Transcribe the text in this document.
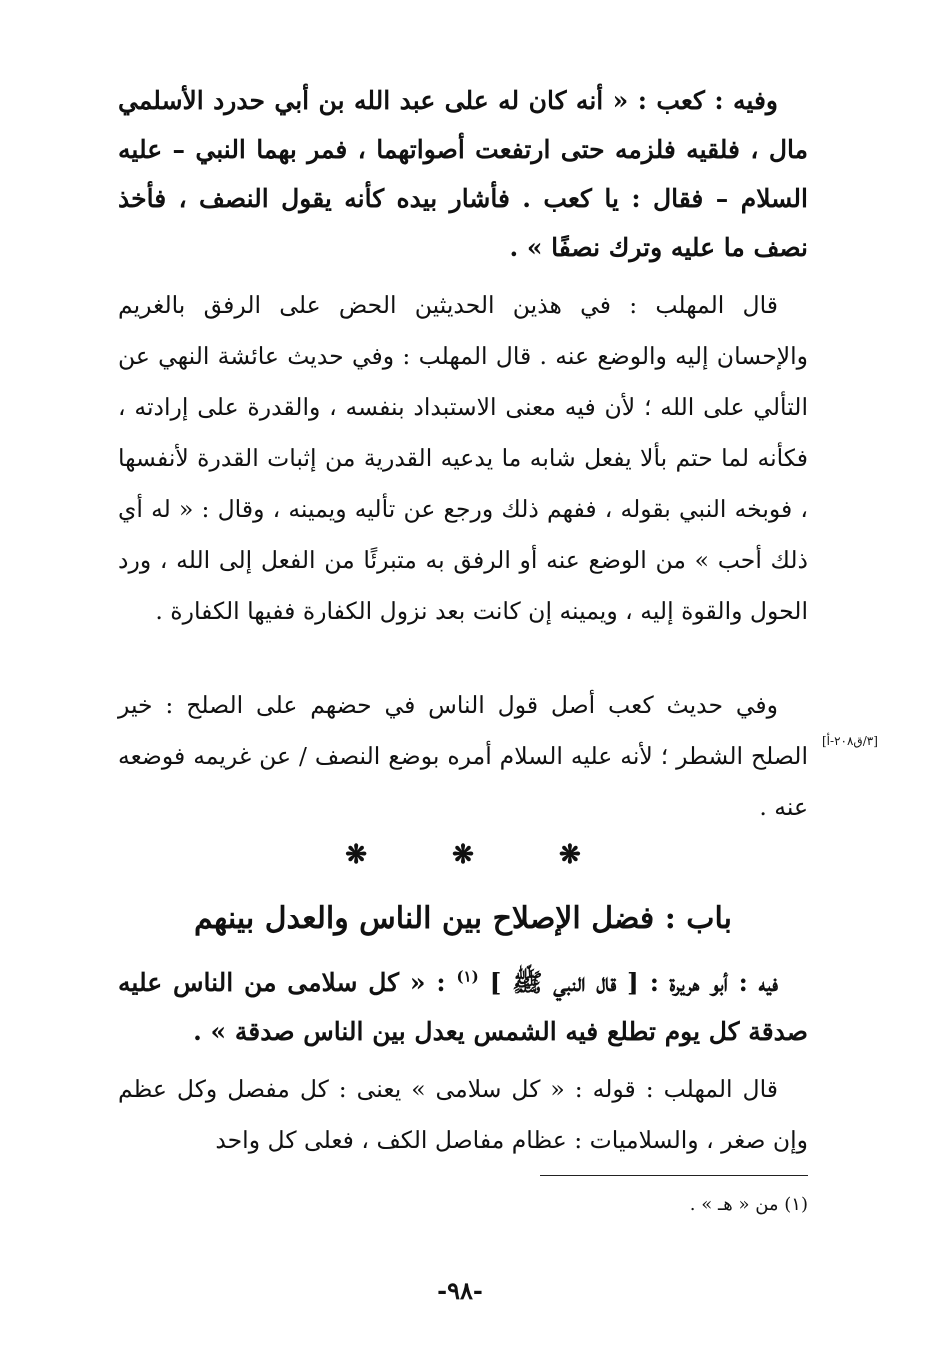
وفيه : كعب : « أنه كان له على عبد الله بن أبي حدرد الأسلمي مال ، فلقيه فلزمه حتى ارتفعت أصواتهما ، فمر بهما النبي – عليه السلام – فقال : يا كعب . فأشار بيده كأنه يقول النصف ، فأخذ نصف ما عليه وترك نصفًا » .
قال المهلب : في هذين الحديثين الحض على الرفق بالغريم والإحسان إليه والوضع عنه . قال المهلب : وفي حديث عائشة النهي عن التألي على الله ؛ لأن فيه معنى الاستبداد بنفسه ، والقدرة على إرادته ، فكأنه لما حتم بألا يفعل شابه ما يدعيه القدرية من إثبات القدرة لأنفسها ، فوبخه النبي بقوله ، ففهم ذلك ورجع عن تأليه ويمينه ، وقال : « له أي ذلك أحب » من الوضع عنه أو الرفق به متبرئًا من الفعل إلى الله ، ورد الحول والقوة إليه ، ويمينه إن كانت بعد نزول الكفارة ففيها الكفارة .
وفي حديث كعب أصل قول الناس في حضهم على الصلح : خير الصلح الشطر ؛ لأنه عليه السلام أمره بوضع النصف / عن غريمه فوضعه عنه .
[٣/ق٢٠٨-أ]
❋	❋	❋
باب : فضل الإصلاح بين الناس والعدل بينهم
فيه : أبو هريرة : [ قال النبي ﷺ ] $^{(١)}$ : « كل سلامى من الناس عليه صدقة كل يوم تطلع فيه الشمس يعدل بين الناس صدقة » .
قال المهلب : قوله : « كل سلامى » يعنى : كل مفصل وكل عظم وإن صغر ، والسلاميات : عظام مفاصل الكف ، فعلى كل واحد
(١) من « هـ » .
-٩٨-
